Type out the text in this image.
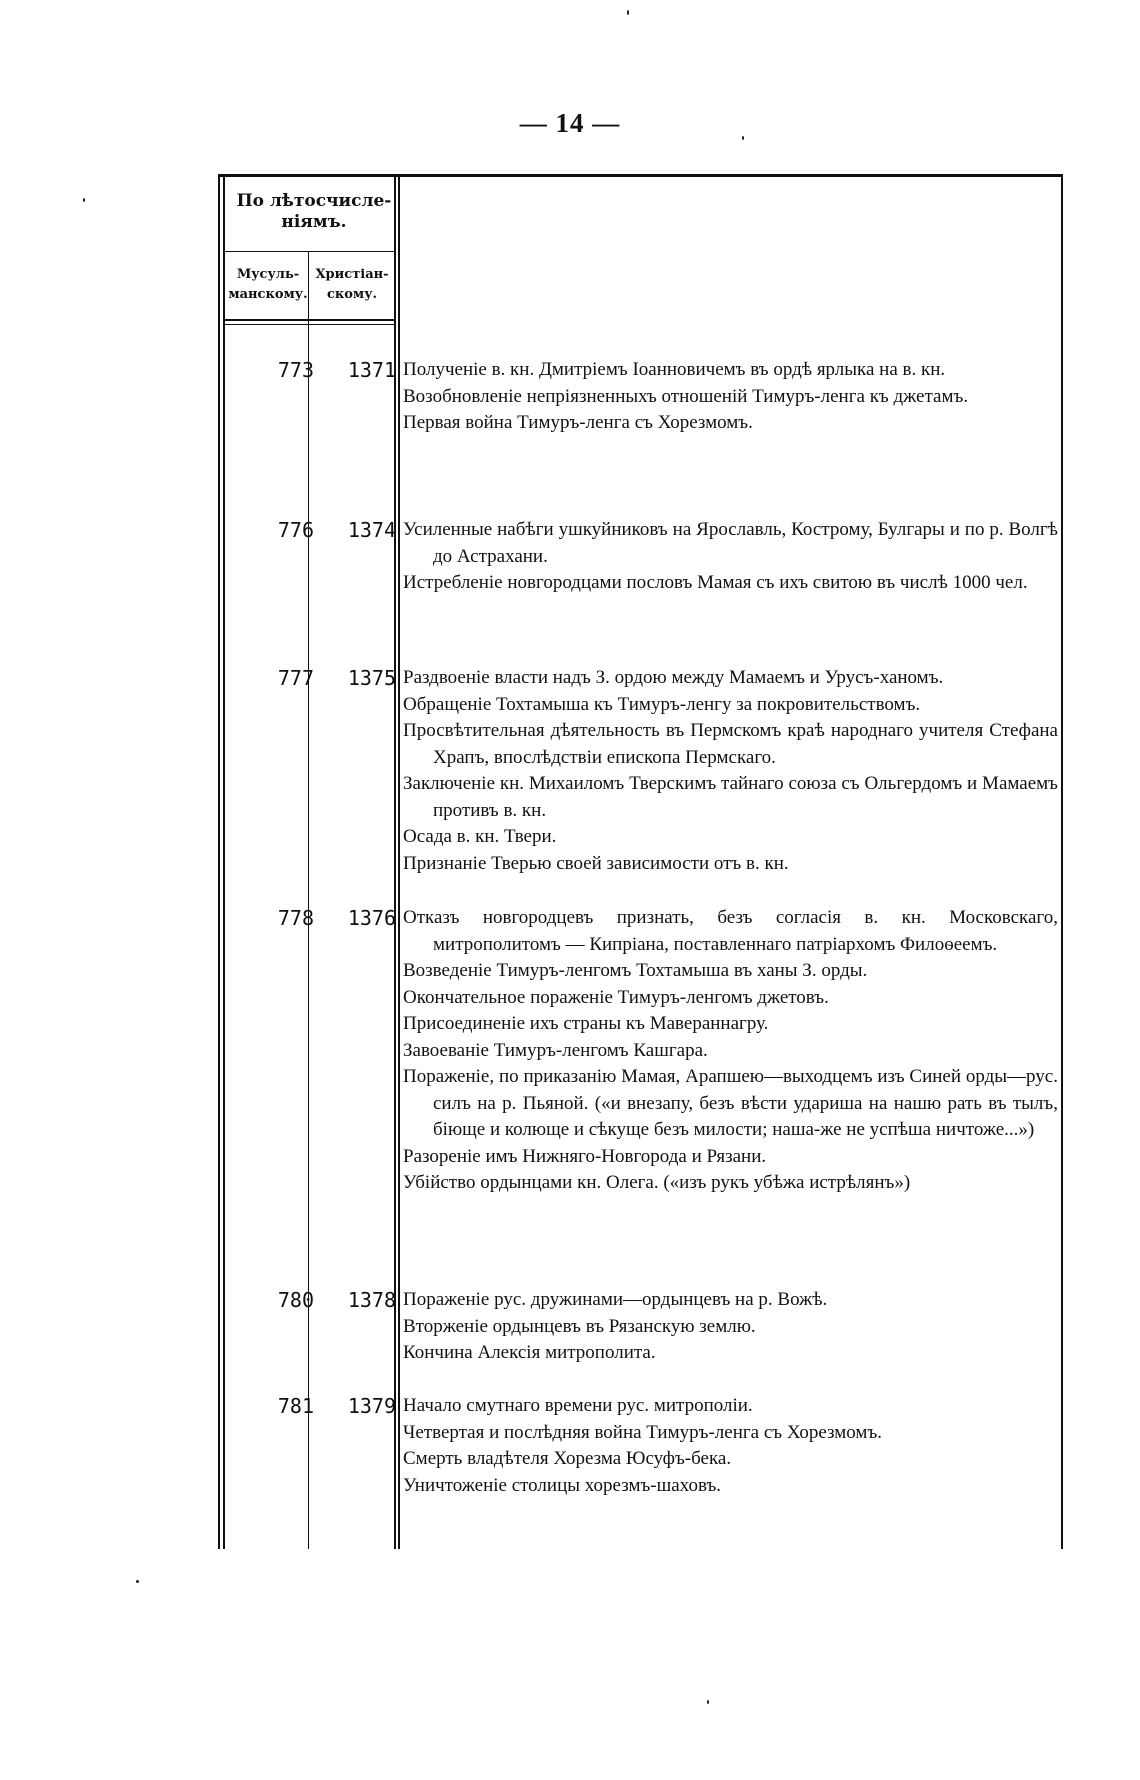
— 14 —
По лѣтосчисле- ніямъ.
Мусуль- манскому.
Христіан- скому.
773	1371 Полученіе в. кн. Дмитріемъ Іоанновичемъ въ ордѣ ярлыка на в. кн.
Возобновленіе непріязненныхъ отношеній Тимуръ-ленга къ джетамъ.
Первая война Тимуръ-ленга съ Хорезмомъ.
776	1374 Усиленные набѣги ушкуйниковъ на Ярославль, Кострому, Булгары и по р. Волгѣ до Астрахани.
Истребленіе новгородцами пословъ Мамая съ ихъ свитою въ числѣ 1000 чел.
777	1375 Раздвоеніе власти надъ З. ордою между Мамаемъ и Урусъ-ханомъ.
Обращеніе Тохтамыша къ Тимуръ-ленгу за покровительствомъ.
Просвѣтительная дѣятельность въ Пермскомъ краѣ народнаго учителя Стефана Храпъ, впослѣдствіи епископа Пермскаго.
Заключеніе кн. Михаиломъ Тверскимъ тайнаго союза съ Ольгердомъ и Мамаемъ противъ в. кн.
Осада в. кн. Твери.
Признаніе Тверью своей зависимости отъ в. кн.
778	1376 Отказъ новгородцевъ признать, безъ согласія в. кн. Московскаго, митрополитомъ — Кипріана, поставленнаго патріархомъ Филоѳеемъ.
Возведеніе Тимуръ-ленгомъ Тохтамыша въ ханы З. орды.
Окончательное пораженіе Тимуръ-ленгомъ джетовъ.
Присоединеніе ихъ страны къ Мавераннагру.
Завоеваніе Тимуръ-ленгомъ Кашгара.
Пораженіе, по приказанію Мамая, Арапшею—выходцемъ изъ Синей орды—рус. силъ на р. Пьяной. («и внезапу, безъ вѣсти удариша на нашю рать въ тылъ, біюще и колюще и сѣкуще безъ милости; наша-же не успѣша ничтоже...»)
Разореніе имъ Нижняго-Новгорода и Рязани.
Убійство ордынцами кн. Олега. («изъ рукъ убѣжа истрѣлянъ»)
780	1378 Пораженіе рус. дружинами—ордынцевъ на р. Вожѣ.
Вторженіе ордынцевъ въ Рязанскую землю.
Кончина Алексія митрополита.
781	1379 Начало смутнаго времени рус. митрополіи.
Четвертая и послѣдняя война Тимуръ-ленга съ Хорезмомъ.
Смерть владѣтеля Хорезма Юсуфъ-бека.
Уничтоженіе столицы хорезмъ-шаховъ.
